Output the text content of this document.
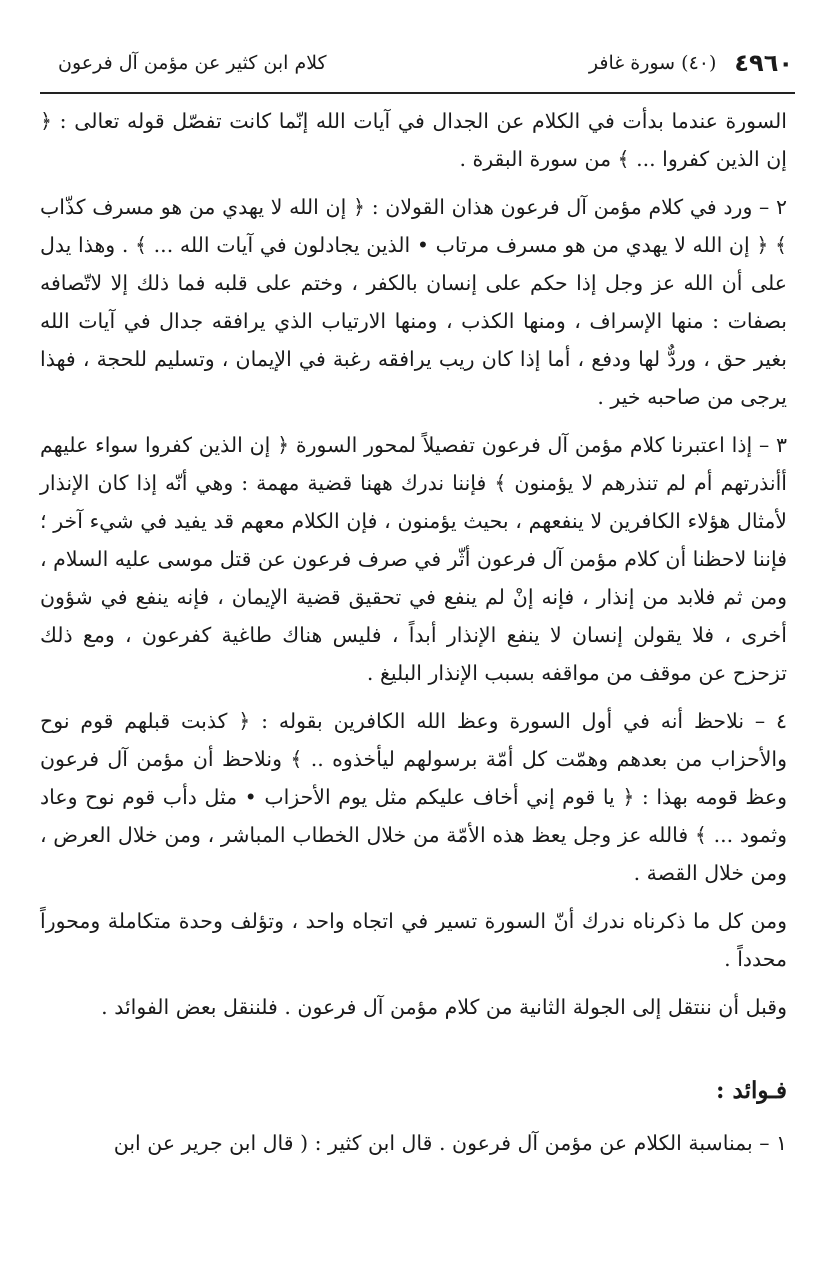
٤٩٦٠
(٤٠) سورة غافر
كلام ابن كثير عن مؤمن آل فرعون

السورة عندما بدأت في الكلام عن الجدال في آيات الله إنّما كانت تفصّل قوله تعالى : ﴿ إن الذين كفروا ... ﴾ من سورة البقرة .

٢ – ورد في كلام مؤمن آل فرعون هذان القولان : ﴿ إن الله لا يهدي من هو مسرف كذّاب ﴾ ﴿ إن الله لا يهدي من هو مسرف مرتاب • الذين يجادلون في آيات الله ... ﴾ . وهذا يدل على أن الله عز وجل إذا حكم على إنسان بالكفر ، وختم على قلبه فما ذلك إلا لاتّصافه بصفات : منها الإسراف ، ومنها الكذب ، ومنها الارتياب الذي يرافقه جدال في آيات الله بغير حق ، وردٌّ لها ودفع ، أما إذا كان ريب يرافقه رغبة في الإيمان ، وتسليم للحجة ، فهذا يرجى من صاحبه خير .

٣ – إذا اعتبرنا كلام مؤمن آل فرعون تفصيلاً لمحور السورة ﴿ إن الذين كفروا سواء عليهم أأنذرتهم أم لم تنذرهم لا يؤمنون ﴾ فإننا ندرك ههنا قضية مهمة : وهي أنّه إذا كان الإنذار لأمثال هؤلاء الكافرين لا ينفعهم ، بحيث يؤمنون ، فإن الكلام معهم قد يفيد في شيء آخر ؛ فإننا لاحظنا أن كلام مؤمن آل فرعون أثّر في صرف فرعون عن قتل موسى عليه السلام ، ومن ثم فلابد من إنذار ، فإنه إنْ لم ينفع في تحقيق قضية الإيمان ، فإنه ينفع في شؤون أخرى ، فلا يقولن إنسان لا ينفع الإنذار أبداً ، فليس هناك طاغية كفرعون ، ومع ذلك تزحزح عن موقف من مواقفه بسبب الإنذار البليغ .

٤ – نلاحظ أنه في أول السورة وعظ الله الكافرين بقوله : ﴿ كذبت قبلهم قوم نوح والأحزاب من بعدهم وهمّت كل أمّة برسولهم ليأخذوه .. ﴾ ونلاحظ أن مؤمن آل فرعون وعظ قومه بهذا : ﴿ يا قوم إني أخاف عليكم مثل يوم الأحزاب • مثل دأب قوم نوح وعاد وثمود ... ﴾ فالله عز وجل يعظ هذه الأمّة من خلال الخطاب المباشر ، ومن خلال العرض ، ومن خلال القصة .

ومن كل ما ذكرناه ندرك أنّ السورة تسير في اتجاه واحد ، وتؤلف وحدة متكاملة ومحوراً محدداً .

وقبل أن ننتقل إلى الجولة الثانية من كلام مؤمن آل فرعون . فلننقل بعض الفوائد .

فـوائد :

١ – بمناسبة الكلام عن مؤمن آل فرعون . قال ابن كثير : ( قال ابن جرير عن ابن
